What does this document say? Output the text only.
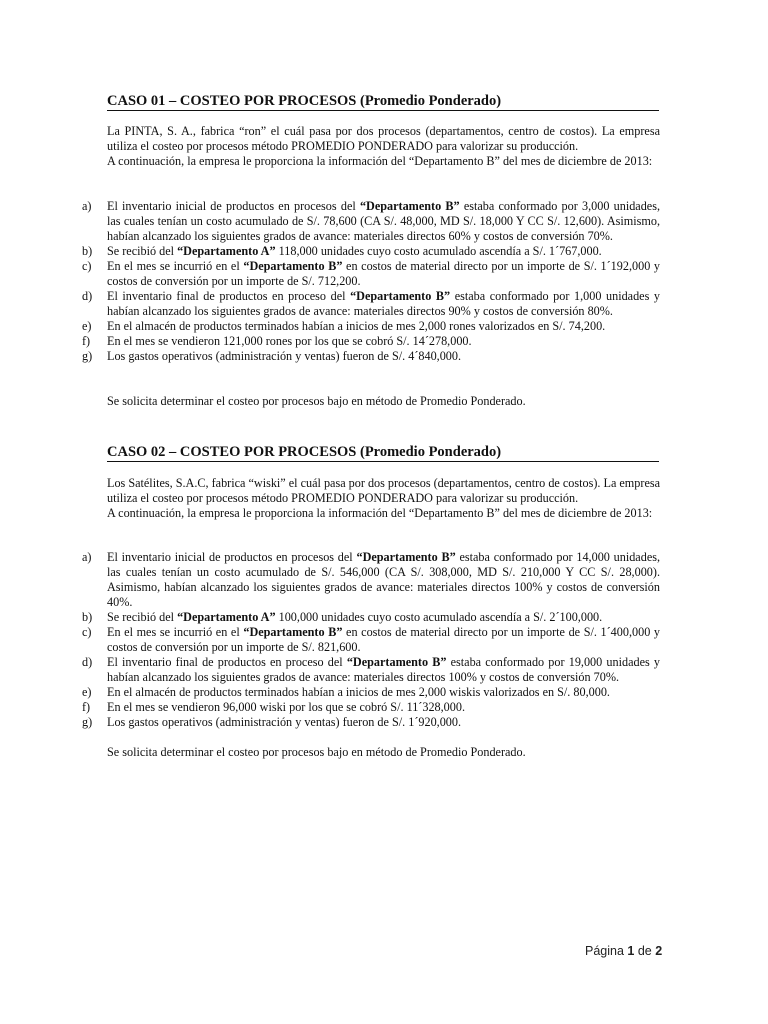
CASO 01 – COSTEO POR PROCESOS (Promedio Ponderado)

La PINTA, S. A., fabrica “ron” el cuál pasa por dos procesos (departamentos, centro de costos). La empresa utiliza el costeo por procesos método PROMEDIO PONDERADO para valorizar su producción.

A continuación, la empresa le proporciona la información del “Departamento B” del mes de diciembre de 2013:

a)	El inventario inicial de productos en procesos del “Departamento B” estaba conformado por 3,000 unidades, las cuales tenían un costo acumulado de S/. 78,600 (CA S/. 48,000, MD S/. 18,000 Y CC S/. 12,600). Asimismo, habían alcanzado los siguientes grados de avance: materiales directos 60% y costos de conversión 70%.
b)	Se recibió del “Departamento A” 118,000 unidades cuyo costo acumulado ascendía a S/. 1´767,000.
c)	En el mes se incurrió en el “Departamento B” en costos de material directo por un importe de S/. 1´192,000 y costos de conversión por un importe de S/. 712,200.
d)	El inventario final de productos en proceso del “Departamento B” estaba conformado por 1,000 unidades y habían alcanzado los siguientes grados de avance: materiales directos 90% y costos de conversión 80%.
e)	En el almacén de productos terminados habían a inicios de mes 2,000 rones valorizados en S/. 74,200.
f)	En el mes se vendieron 121,000 rones por los que se cobró S/. 14´278,000.
g)	Los gastos operativos (administración y ventas) fueron de S/. 4´840,000.
Se solicita determinar el costeo por procesos bajo en método de Promedio Ponderado.
CASO 02 – COSTEO POR PROCESOS (Promedio Ponderado)

Los Satélites, S.A.C, fabrica “wiski” el cuál pasa por dos procesos (departamentos, centro de costos). La empresa utiliza el costeo por procesos método PROMEDIO PONDERADO para valorizar su producción.

A continuación, la empresa le proporciona la información del “Departamento B” del mes de diciembre de 2013:

a)	El inventario inicial de productos en procesos del “Departamento B” estaba conformado por 14,000 unidades, las cuales tenían un costo acumulado de S/. 546,000 (CA S/. 308,000, MD S/. 210,000 Y CC S/. 28,000). Asimismo, habían alcanzado los siguientes grados de avance: materiales directos 100% y costos de conversión 40%.
b)	Se recibió del “Departamento A” 100,000 unidades cuyo costo acumulado ascendía a S/. 2´100,000.
c)	En el mes se incurrió en el “Departamento B” en costos de material directo por un importe de S/. 1´400,000 y costos de conversión por un importe de S/. 821,600.
d)	El inventario final de productos en proceso del “Departamento B” estaba conformado por 19,000 unidades y habían alcanzado los siguientes grados de avance: materiales directos 100% y costos de conversión 70%.
e)	En el almacén de productos terminados habían a inicios de mes 2,000 wiskis valorizados en S/. 80,000.
f)	En el mes se vendieron 96,000 wiski por los que se cobró S/. 11´328,000.
g)	Los gastos operativos (administración y ventas) fueron de S/. 1´920,000.
Se solicita determinar el costeo por procesos bajo en método de Promedio Ponderado.
Página 1 de 2
